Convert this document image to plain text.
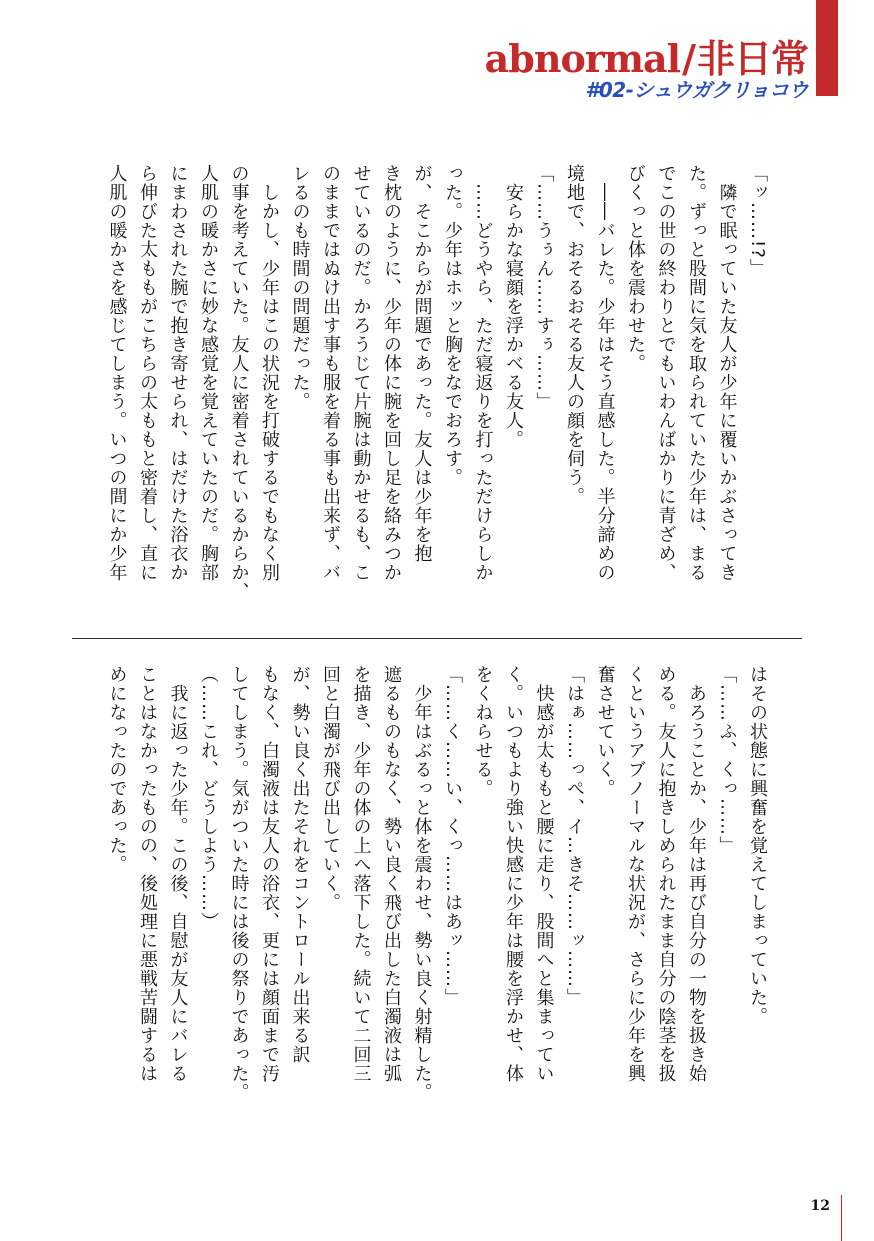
abnormal/非日常
#02-シュウガクリョコウ

「ッ……!?」

　隣で眠っていた友人が少年に覆いかぶさってき

た。ずっと股間に気を取られていた少年は、まる

でこの世の終わりとでもいわんばかりに青ざめ、

びくっと体を震わせた。

　――バレた。少年はそう直感した。半分諦めの

境地で、おそるおそる友人の顔を伺う。

「……うぅん……すぅ……」

　安らかな寝顔を浮かべる友人。

　……どうやら、ただ寝返りを打っただけらしか

った。少年はホッと胸をなでおろす。

が、そこからが問題であった。友人は少年を抱

き枕のように、少年の体に腕を回し足を絡みつか

せているのだ。かろうじて片腕は動かせるも、こ

のままではぬけ出す事も服を着る事も出来ず、バ

レるのも時間の問題だった。

　しかし、少年はこの状況を打破するでもなく別

の事を考えていた。友人に密着されているからか、

人肌の暖かさに妙な感覚を覚えていたのだ。胸部

にまわされた腕で抱き寄せられ、はだけた浴衣か

ら伸びた太ももがこちらの太ももと密着し、直に

人肌の暖かさを感じてしまう。いつの間にか少年

はその状態に興奮を覚えてしまっていた。

「……ふ、くっ……」

　あろうことか、少年は再び自分の一物を扱き始

める。友人に抱きしめられたまま自分の陰茎を扱

くというアブノーマルな状況が、さらに少年を興

奮させていく。

「はぁ……っぺ、イ…きそ……ッ……」

　快感が太ももと腰に走り、股間へと集まってい

く。いつもより強い快感に少年は腰を浮かせ、体

をくねらせる。

「……く……い、くっ……はあッ……」

　少年はぶるっと体を震わせ、勢い良く射精した。

遮るものもなく、勢い良く飛び出した白濁液は弧

を描き、少年の体の上へ落下した。続いて二回三

回と白濁が飛び出していく。

が、勢い良く出たそれをコントロール出来る訳

もなく、白濁液は友人の浴衣、更には顔面まで汚

してしまう。気がついた時には後の祭りであった。

（……これ、どうしよう……）

　我に返った少年。この後、自慰が友人にバレる

ことはなかったものの、後処理に悪戦苦闘するは

めになったのであった。

12
